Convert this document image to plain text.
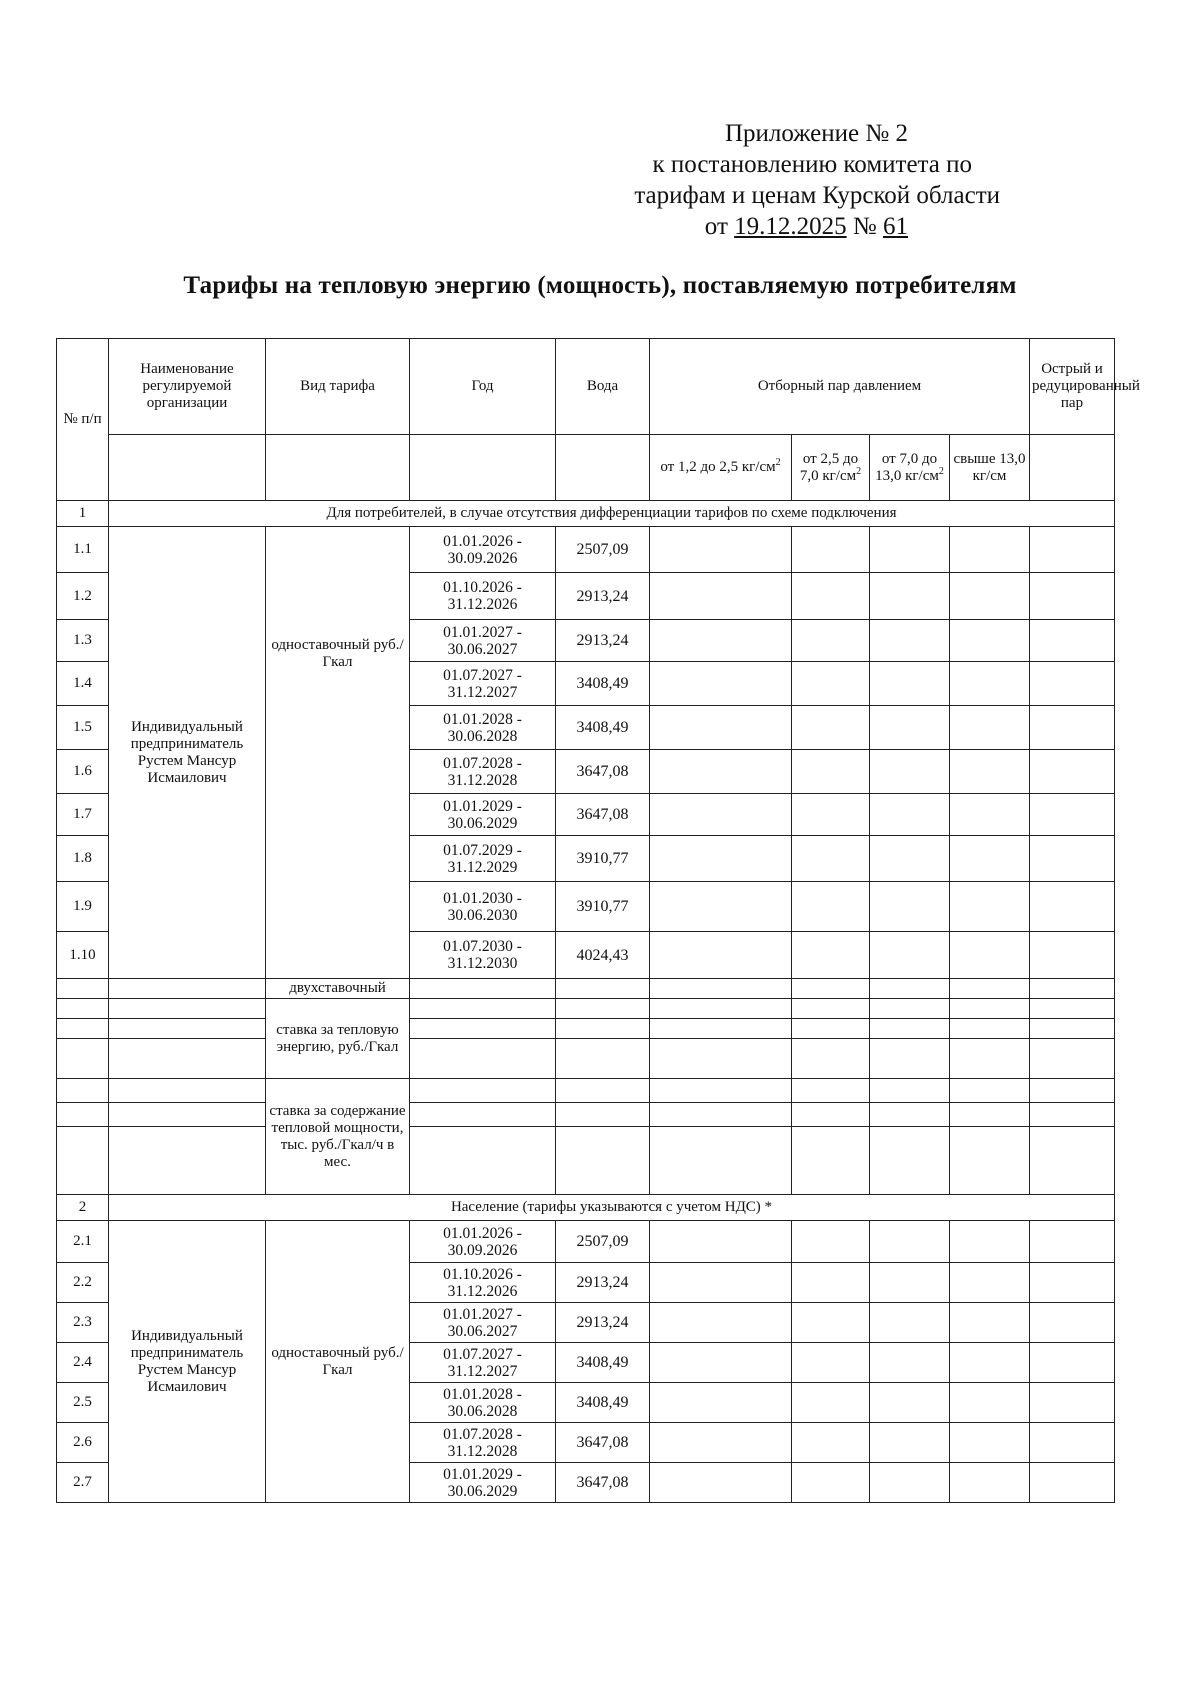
Приложение № 2
к постановлению комитета по
тарифам и ценам Курской области
от 19.12.2025 № 61
Тарифы на тепловую энергию (мощность), поставляемую потребителям
№ п/п	Наименование регулируемой организации	Вид тарифа	Год	Вода	Отборный пар давлением				Острый и редуцированный пар
					от 1,2 до 2,5 $кг/см^2$	от 2,5 до 7,0 $кг/см^2$	от 7,0 до 13,0 $кг/см^2$	свыше 13,0 кг/см	
1	Для потребителей, в случае отсутствия дифференциации тарифов по схеме подключения								
1.1	Индивидуальный предприниматель Рустем Мансур Исмаилович	одноставочный руб./Гкал	01.01.2026 - 30.09.2026	2507,09					
1.2			01.10.2026 - 31.12.2026	2913,24					
1.3			01.01.2027 - 30.06.2027	2913,24					
1.4			01.07.2027 - 31.12.2027	3408,49					
1.5			01.01.2028 - 30.06.2028	3408,49					
1.6			01.07.2028 - 31.12.2028	3647,08					
1.7			01.01.2029 - 30.06.2029	3647,08					
1.8			01.07.2029 - 31.12.2029	3910,77					
1.9			01.01.2030 - 30.06.2030	3910,77					
1.10			01.07.2030 - 31.12.2030	4024,43					
		двухставочный							
		ставка за тепловую энергию, руб./Гкал							

		ставка за содержание тепловой мощности, тыс. руб./Гкал/ч в мес.							

2	Население (тарифы указываются с учетом НДС) *								
2.1	Индивидуальный предприниматель Рустем Мансур Исмаилович	одноставочный руб./Гкал	01.01.2026 - 30.09.2026	2507,09					
2.2			01.10.2026 - 31.12.2026	2913,24					
2.3			01.01.2027 - 30.06.2027	2913,24					
2.4			01.07.2027 - 31.12.2027	3408,49					
2.5			01.01.2028 - 30.06.2028	3408,49					
2.6			01.07.2028 - 31.12.2028	3647,08					
2.7			01.01.2029 - 30.06.2029	3647,08					
